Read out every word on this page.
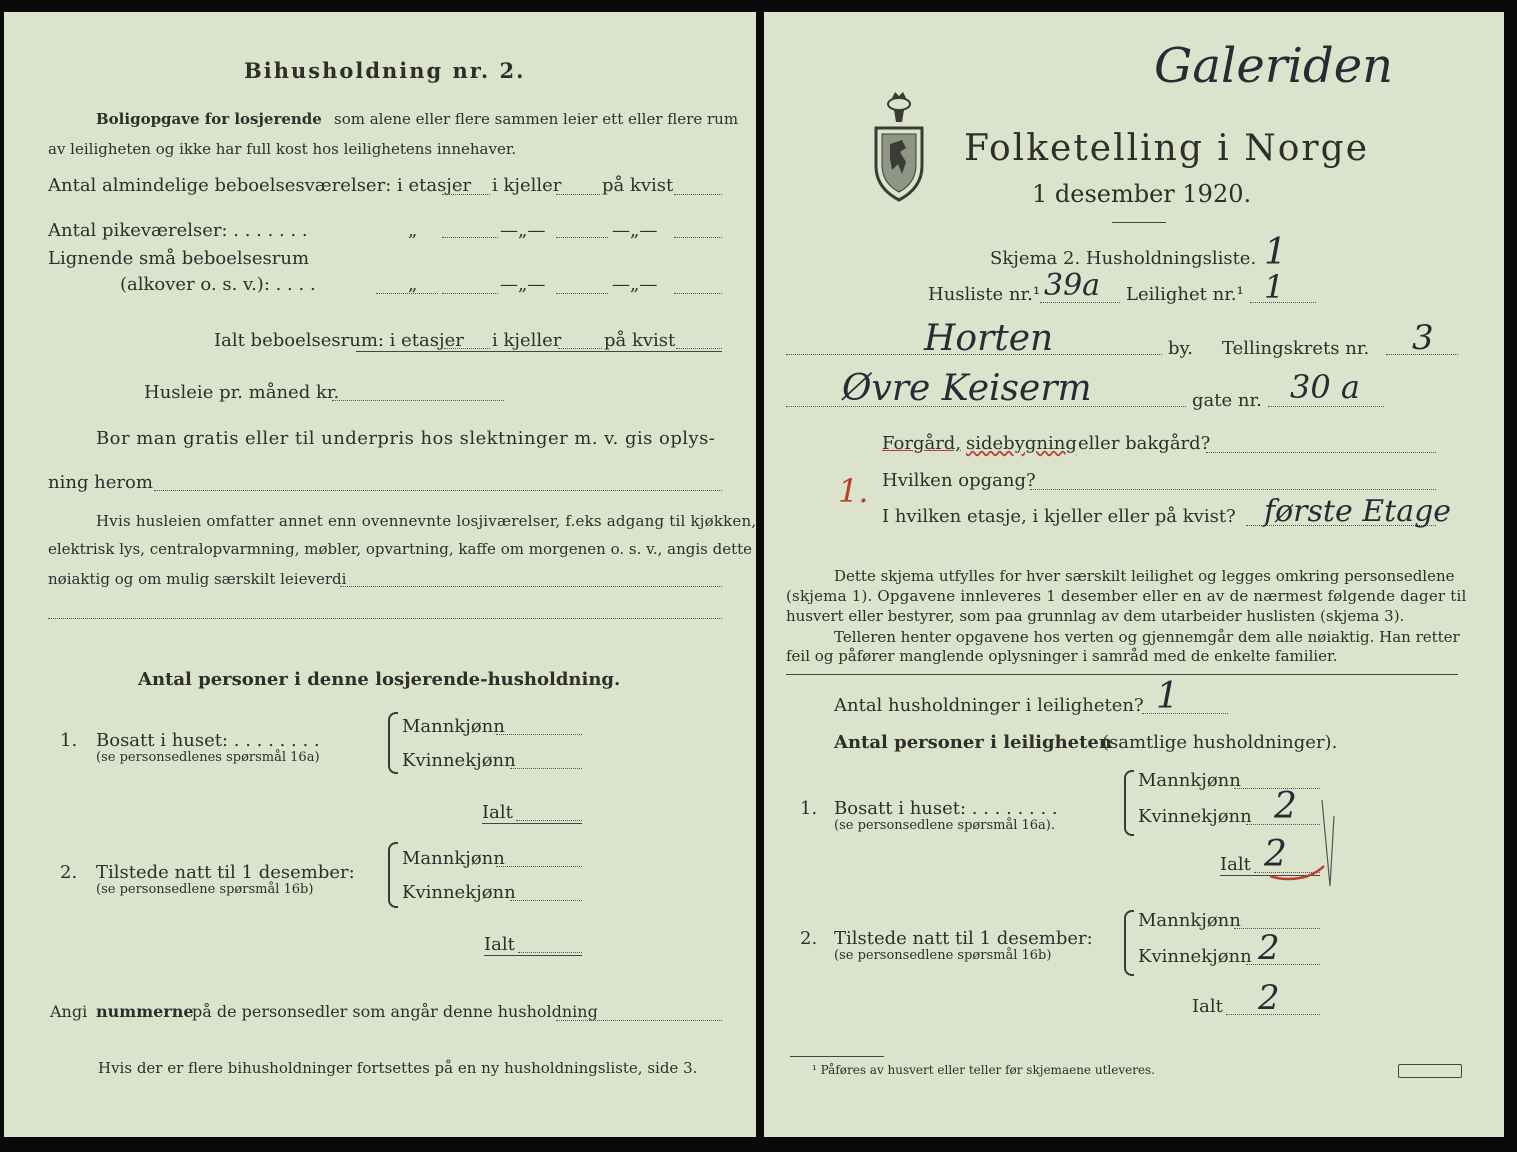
Bihusholdning nr. 2.
Boligopgave for losjerende som alene eller flere sammen leier ett eller flere rum
av leiligheten og ikke har full kost hos leilighetens innehaver.
Antal almindelige beboelsesværelser: i etasjer i kjeller på kvist
Antal pikeværelser: . . . . . . .	„	—„—	—„—
Lignende små beboelsesrum
(alkover o. s. v.): . . . .	„	—„—	—„—
Ialt beboelsesrum: i etasjer i kjeller på kvist
Husleie pr. måned kr.
Bor man gratis eller til underpris hos slektninger m. v. gis oplys-
ning herom
Hvis husleien omfatter annet enn ovennevnte losjiværelser, f.eks adgang til kjøkken,
elektrisk lys, centralopvarmning, møbler, opvartning, kaffe om morgenen o. s. v., angis dette
nøiaktig og om mulig særskilt leieverdi
Antal personer i denne losjerende-husholdning.
1. Bosatt i huset: . . . . . . . .
(se personsedlenes spørsmål 16a)
Mannkjønn
Kvinnekjønn
Ialt
2. Tilstede natt til 1 desember:
(se personsedlene spørsmål 16b)
Mannkjønn
Kvinnekjønn
Ialt
Angi nummerne
på de personsedler som angår denne husholdning
Hvis der er flere bihusholdninger fortsettes på en ny husholdningsliste, side 3.
Folketelling i Norge
1 desember 1920.
Galeriden
Skjema 2. Husholdningsliste. 1
Husliste nr.¹ 39a Leilighet nr.¹ 1
Horten	by. Tellingskrets nr. 3
Øvre Keiserm	gate nr. 30 a
Forgård, sidebygning eller bakgård?
1. Hvilken opgang?
I hvilken etasje, i kjeller eller på kvist? første Etage
Dette skjema utfylles for hver særskilt leilighet og legges omkring personsedlene
(skjema 1). Opgavene innleveres 1 desember eller en av de nærmest følgende dager til
husvert eller bestyrer, som paa grunnlag av dem utarbeider huslisten (skjema 3).
Telleren henter opgavene hos verten og gjennemgår dem alle nøiaktig. Han retter
feil og påfører manglende oplysninger i samråd med de enkelte familier.
Antal husholdninger i leiligheten? 1
Antal personer i leiligheten
(samtlige husholdninger).
1. Bosatt i huset: . . . . . . . .
(se personsedlene spørsmål 16a).
Mannkjønn
Kvinnekjønn 2
Ialt 2
2. Tilstede natt til 1 desember:
(se personsedlene spørsmål 16b)
Mannkjønn
Kvinnekjønn 2
Ialt 2
¹ Påføres av husvert eller teller før skjemaene utleveres.
